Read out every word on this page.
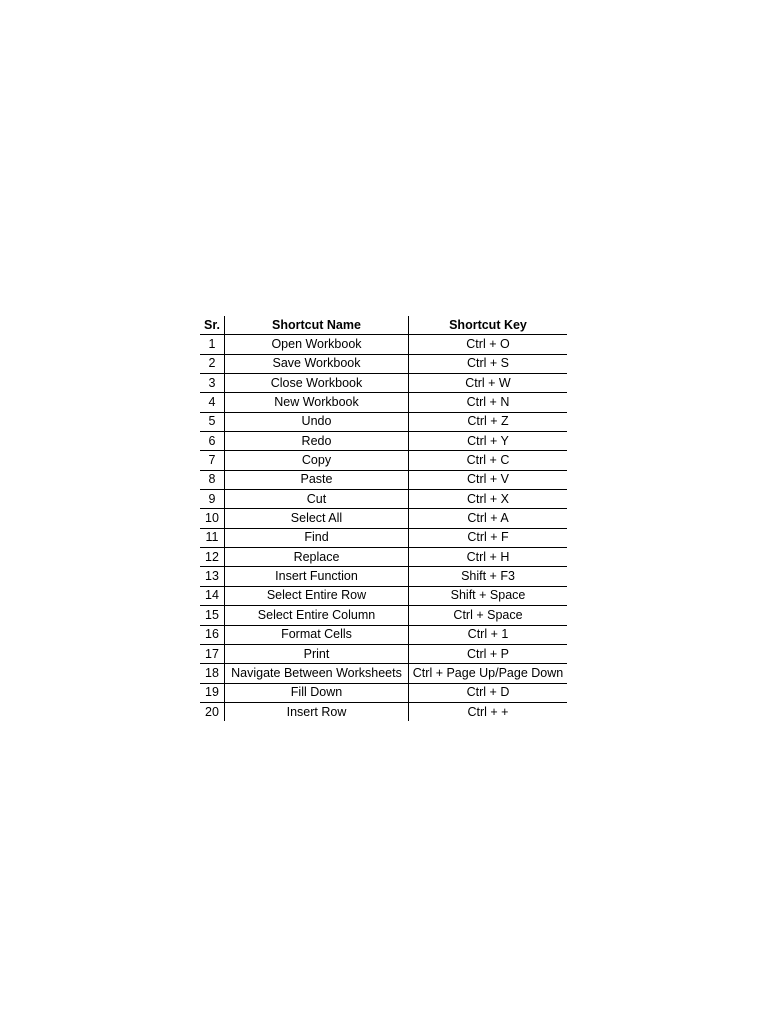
Sr.	Shortcut Name	Shortcut Key
1	Open Workbook	Ctrl + O
2	Save Workbook	Ctrl + S
3	Close Workbook	Ctrl + W
4	New Workbook	Ctrl + N
5	Undo	Ctrl + Z
6	Redo	Ctrl + Y
7	Copy	Ctrl + C
8	Paste	Ctrl + V
9	Cut	Ctrl + X
10	Select All	Ctrl + A
11	Find	Ctrl + F
12	Replace	Ctrl + H
13	Insert Function	Shift + F3
14	Select Entire Row	Shift + Space
15	Select Entire Column	Ctrl + Space
16	Format Cells	Ctrl + 1
17	Print	Ctrl + P
18	Navigate Between Worksheets	Ctrl + Page Up/Page Down
19	Fill Down	Ctrl + D
20	Insert Row	Ctrl + +
